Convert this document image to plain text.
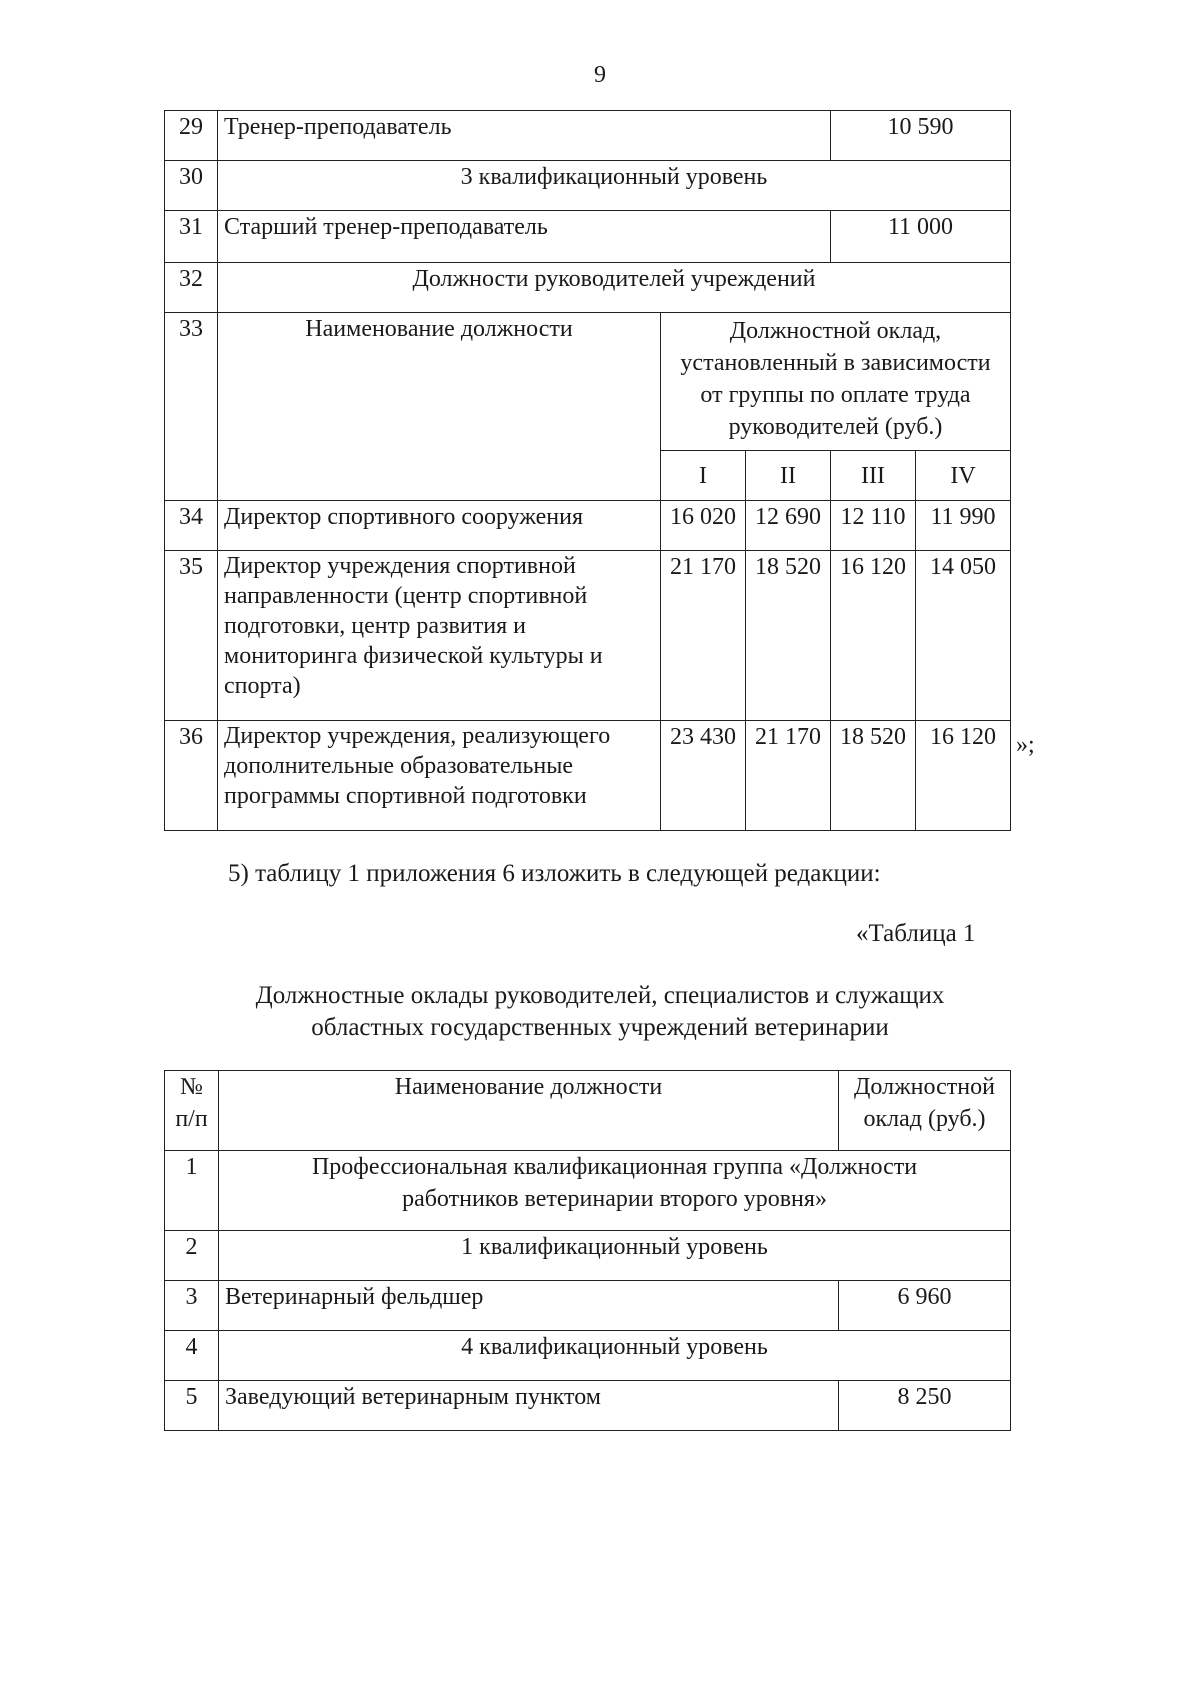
9
29	Тренер-преподаватель			10 590	
30	3 квалификационный уровень				
31	Старший тренер-преподаватель			11 000	
32	Должности руководителей учреждений				
33	Наименование должности	Должностной оклад, установленный в зависимости от группы по оплате труда руководителей (руб.)			
		I	II	III	IV
34	Директор спортивного сооружения	16 020	12 690	12 110	11 990
35	Директор учреждения спортивной направленности (центр спортивной подготовки, центр развития и мониторинга физической культуры и спорта)	21 170	18 520	16 120	14 050
36	Директор учреждения, реализующего дополнительные образовательные программы спортивной подготовки	23 430	21 170	18 520	16 120 »;
5) таблицу 1 приложения 6 изложить в следующей редакции:
«Таблица 1
Должностные оклады руководителей, специалистов и служащих
областных государственных учреждений ветеринарии
№ п/п	Наименование должности	Должностной оклад (руб.)
1	Профессиональная квалификационная группа «Должности работников ветеринарии второго уровня»	
2	1 квалификационный уровень	
3	Ветеринарный фельдшер	6 960
4	4 квалификационный уровень	
5	Заведующий ветеринарным пунктом	8 250
